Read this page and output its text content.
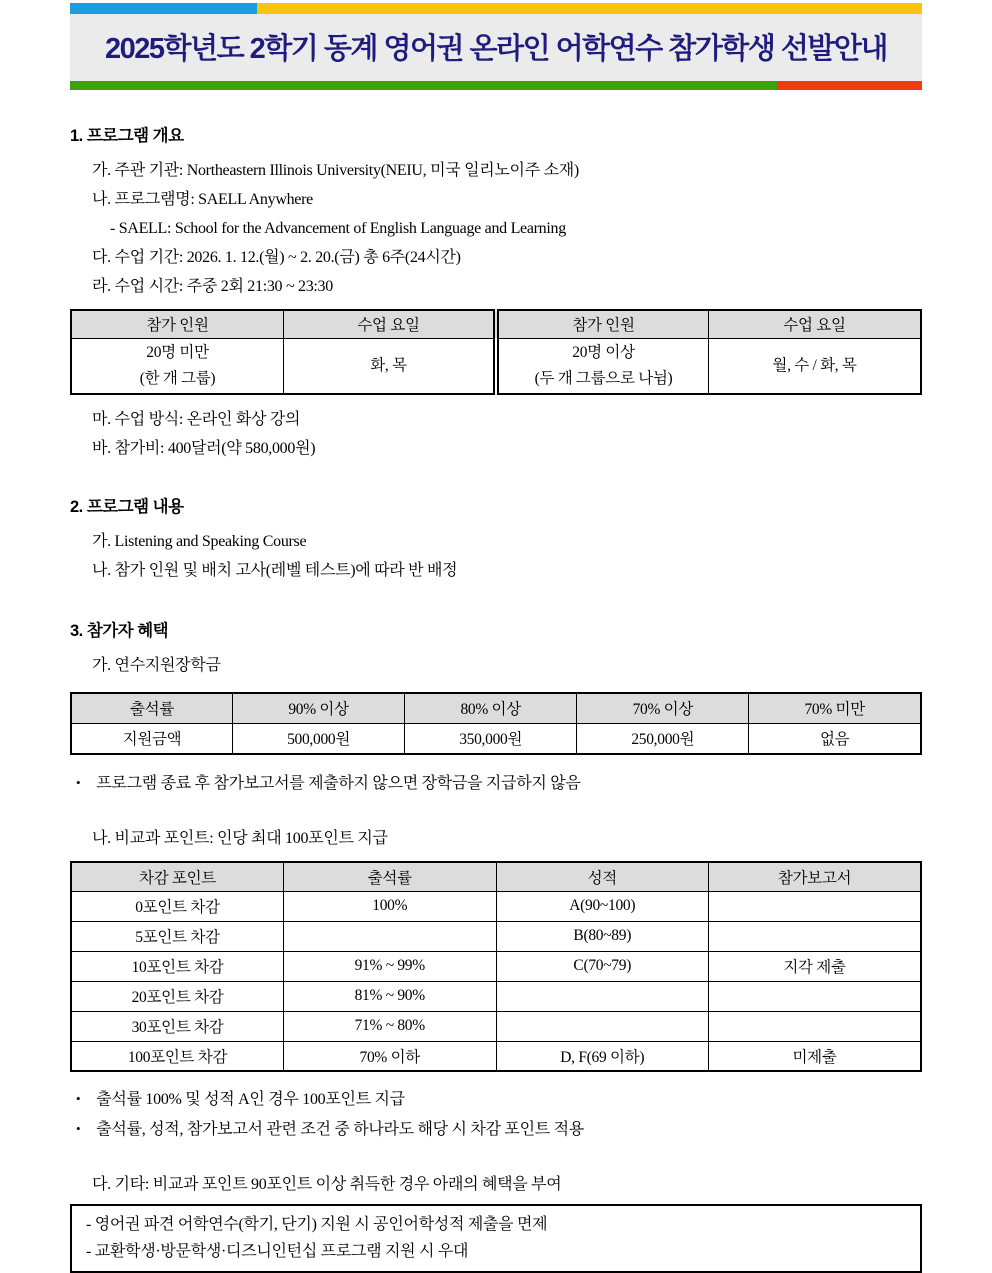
2025학년도 2학기 동계 영어권 온라인 어학연수 참가학생 선발안내
1. 프로그램 개요

가. 주관 기관: Northeastern Illinois University(NEIU, 미국 일리노이주 소재)

나. 프로그램명: SAELL Anywhere

- SAELL: School for the Advancement of English Language and Learning

다. 수업 기간: 2026. 1. 12.(월) ~ 2. 20.(금) 총 6주(24시간)

라. 수업 시간: 주중 2회 21:30 ~ 23:30

참가 인원	수업 요일	참가 인원	수업 요일

20명 미만
(한 개 그룹)
	화, 목	
20명 이상
(두 개 그룹으로 나뉨)
	월, 수 / 화, 목

마. 수업 방식: 온라인 화상 강의

바. 참가비: 400달러(약 580,000원)

2. 프로그램 내용

가. Listening and Speaking Course

나. 참가 인원 및 배치 고사(레벨 테스트)에 따라 반 배정

3. 참가자 혜택

가. 연수지원장학금

출석률	90% 이상	80% 이상	70% 이상	70% 미만
지원금액	500,000원	350,000원	250,000원	없음

• 프로그램 종료 후 참가보고서를 제출하지 않으면 장학금을 지급하지 않음

나. 비교과 포인트: 인당 최대 100포인트 지급

차감 포인트	출석률	성적	참가보고서
0포인트 차감	100%	A(90~100)	
5포인트 차감		B(80~89)	
10포인트 차감	91% ~ 99%	C(70~79)	지각 제출
20포인트 차감	81% ~ 90%		
30포인트 차감	71% ~ 80%		
100포인트 차감	70% 이하	D, F(69 이하)	미제출

• 출석률 100% 및 성적 A인 경우 100포인트 지급

• 출석률, 성적, 참가보고서 관련 조건 중 하나라도 해당 시 차감 포인트 적용

다. 기타: 비교과 포인트 90포인트 이상 취득한 경우 아래의 혜택을 부여

- 영어권 파견 어학연수(학기, 단기) 지원 시 공인어학성적 제출을 면제

- 교환학생·방문학생·디즈니인턴십 프로그램 지원 시 우대
